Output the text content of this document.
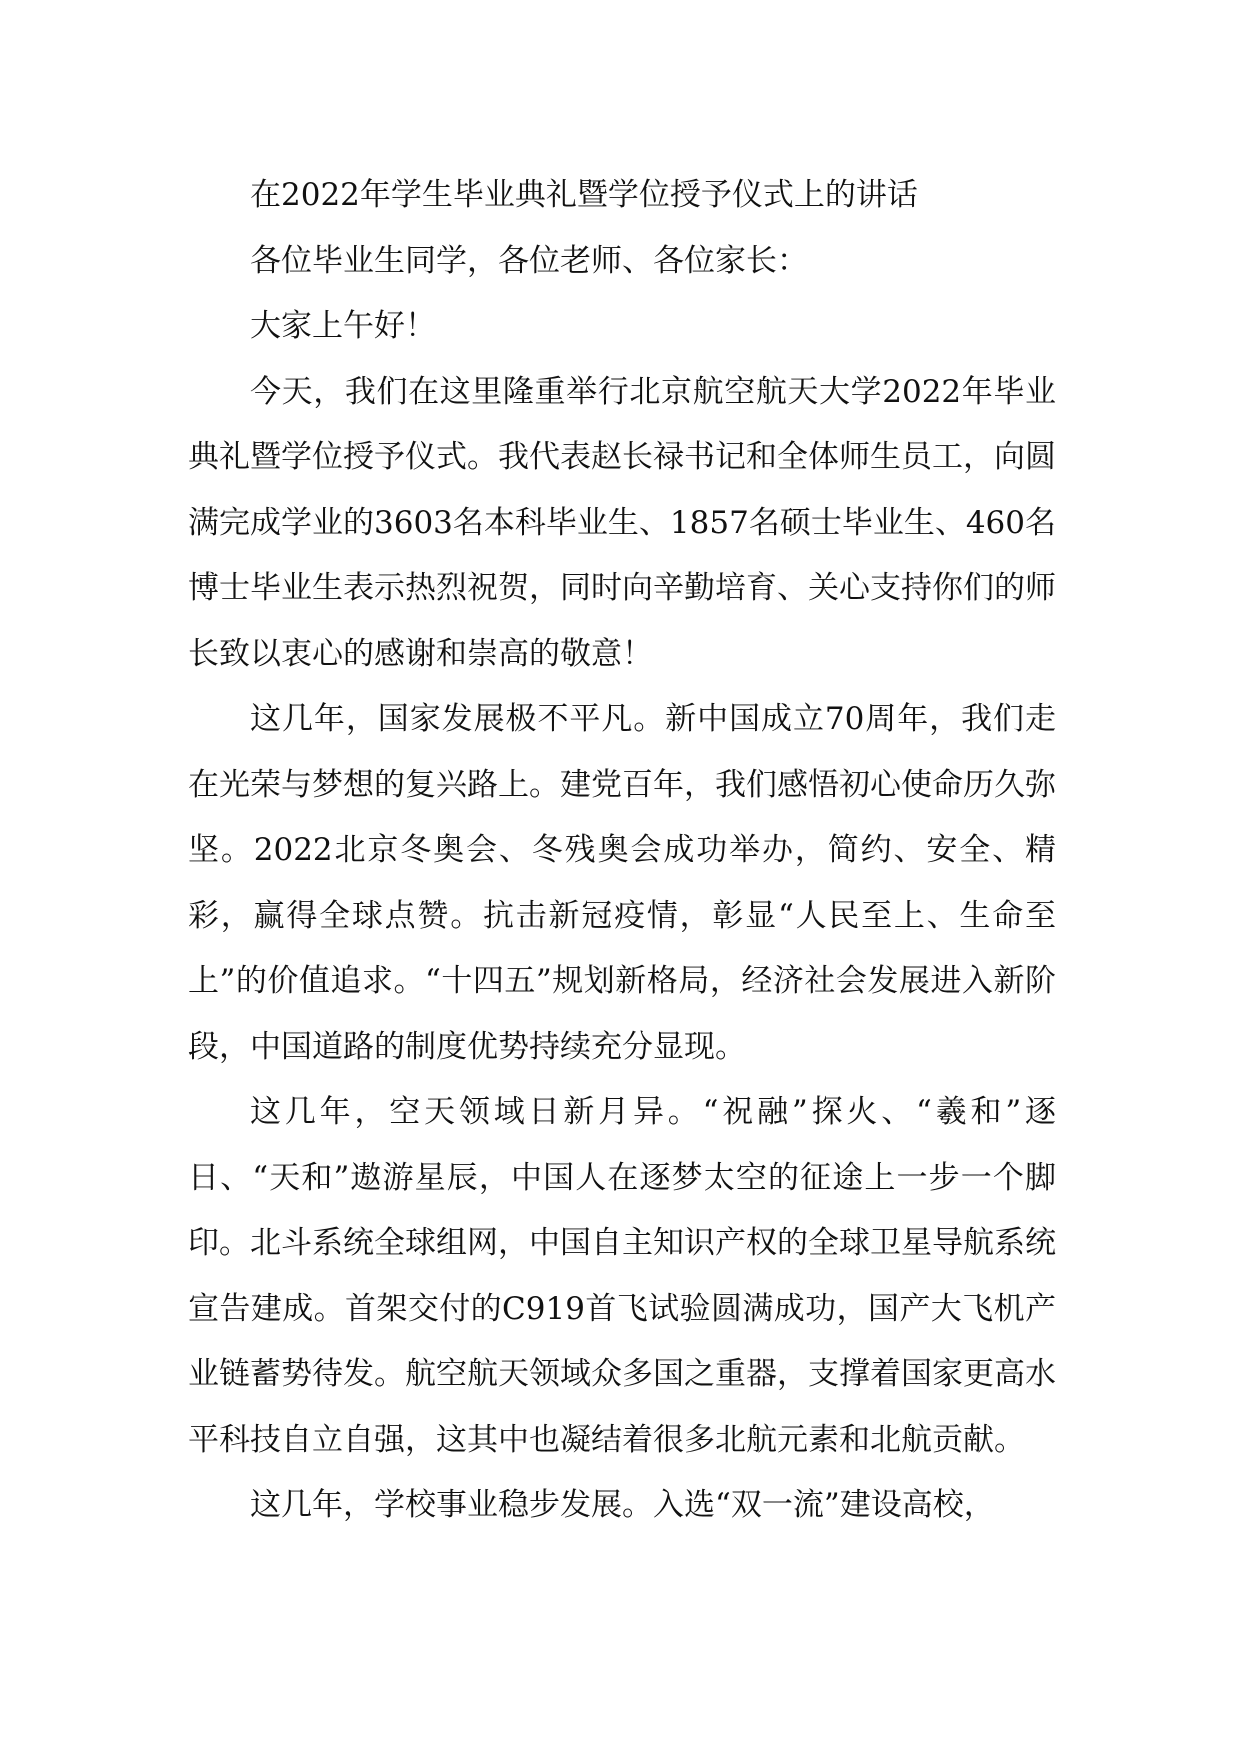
在2022年学生毕业典礼暨学位授予仪式上的讲话

各位毕业生同学，各位老师、各位家长：

大家上午好！

今天，我们在这里隆重举行北京航空航天大学2022年毕业典礼暨学位授予仪式。我代表赵长禄书记和全体师生员工，向圆满完成学业的3603名本科毕业生、1857名硕士毕业生、460名博士毕业生表示热烈祝贺，同时向辛勤培育、关心支持你们的师长致以衷心的感谢和崇高的敬意！

这几年，国家发展极不平凡。新中国成立70周年，我们走在光荣与梦想的复兴路上。建党百年，我们感悟初心使命历久弥坚。2022北京冬奥会、冬残奥会成功举办，简约、安全、精彩，赢得全球点赞。抗击新冠疫情，彰显“人民至上、生命至上”的价值追求。“十四五”规划新格局，经济社会发展进入新阶段，中国道路的制度优势持续充分显现。

这几年，空天领域日新月异。“祝融”探火、“羲和”逐日、“天和”遨游星辰，中国人在逐梦太空的征途上一步一个脚印。北斗系统全球组网，中国自主知识产权的全球卫星导航系统宣告建成。首架交付的C919首飞试验圆满成功，国产大飞机产业链蓄势待发。航空航天领域众多国之重器，支撑着国家更高水平科技自立自强，这其中也凝结着很多北航元素和北航贡献。

这几年，学校事业稳步发展。入选“双一流”建设高校，
